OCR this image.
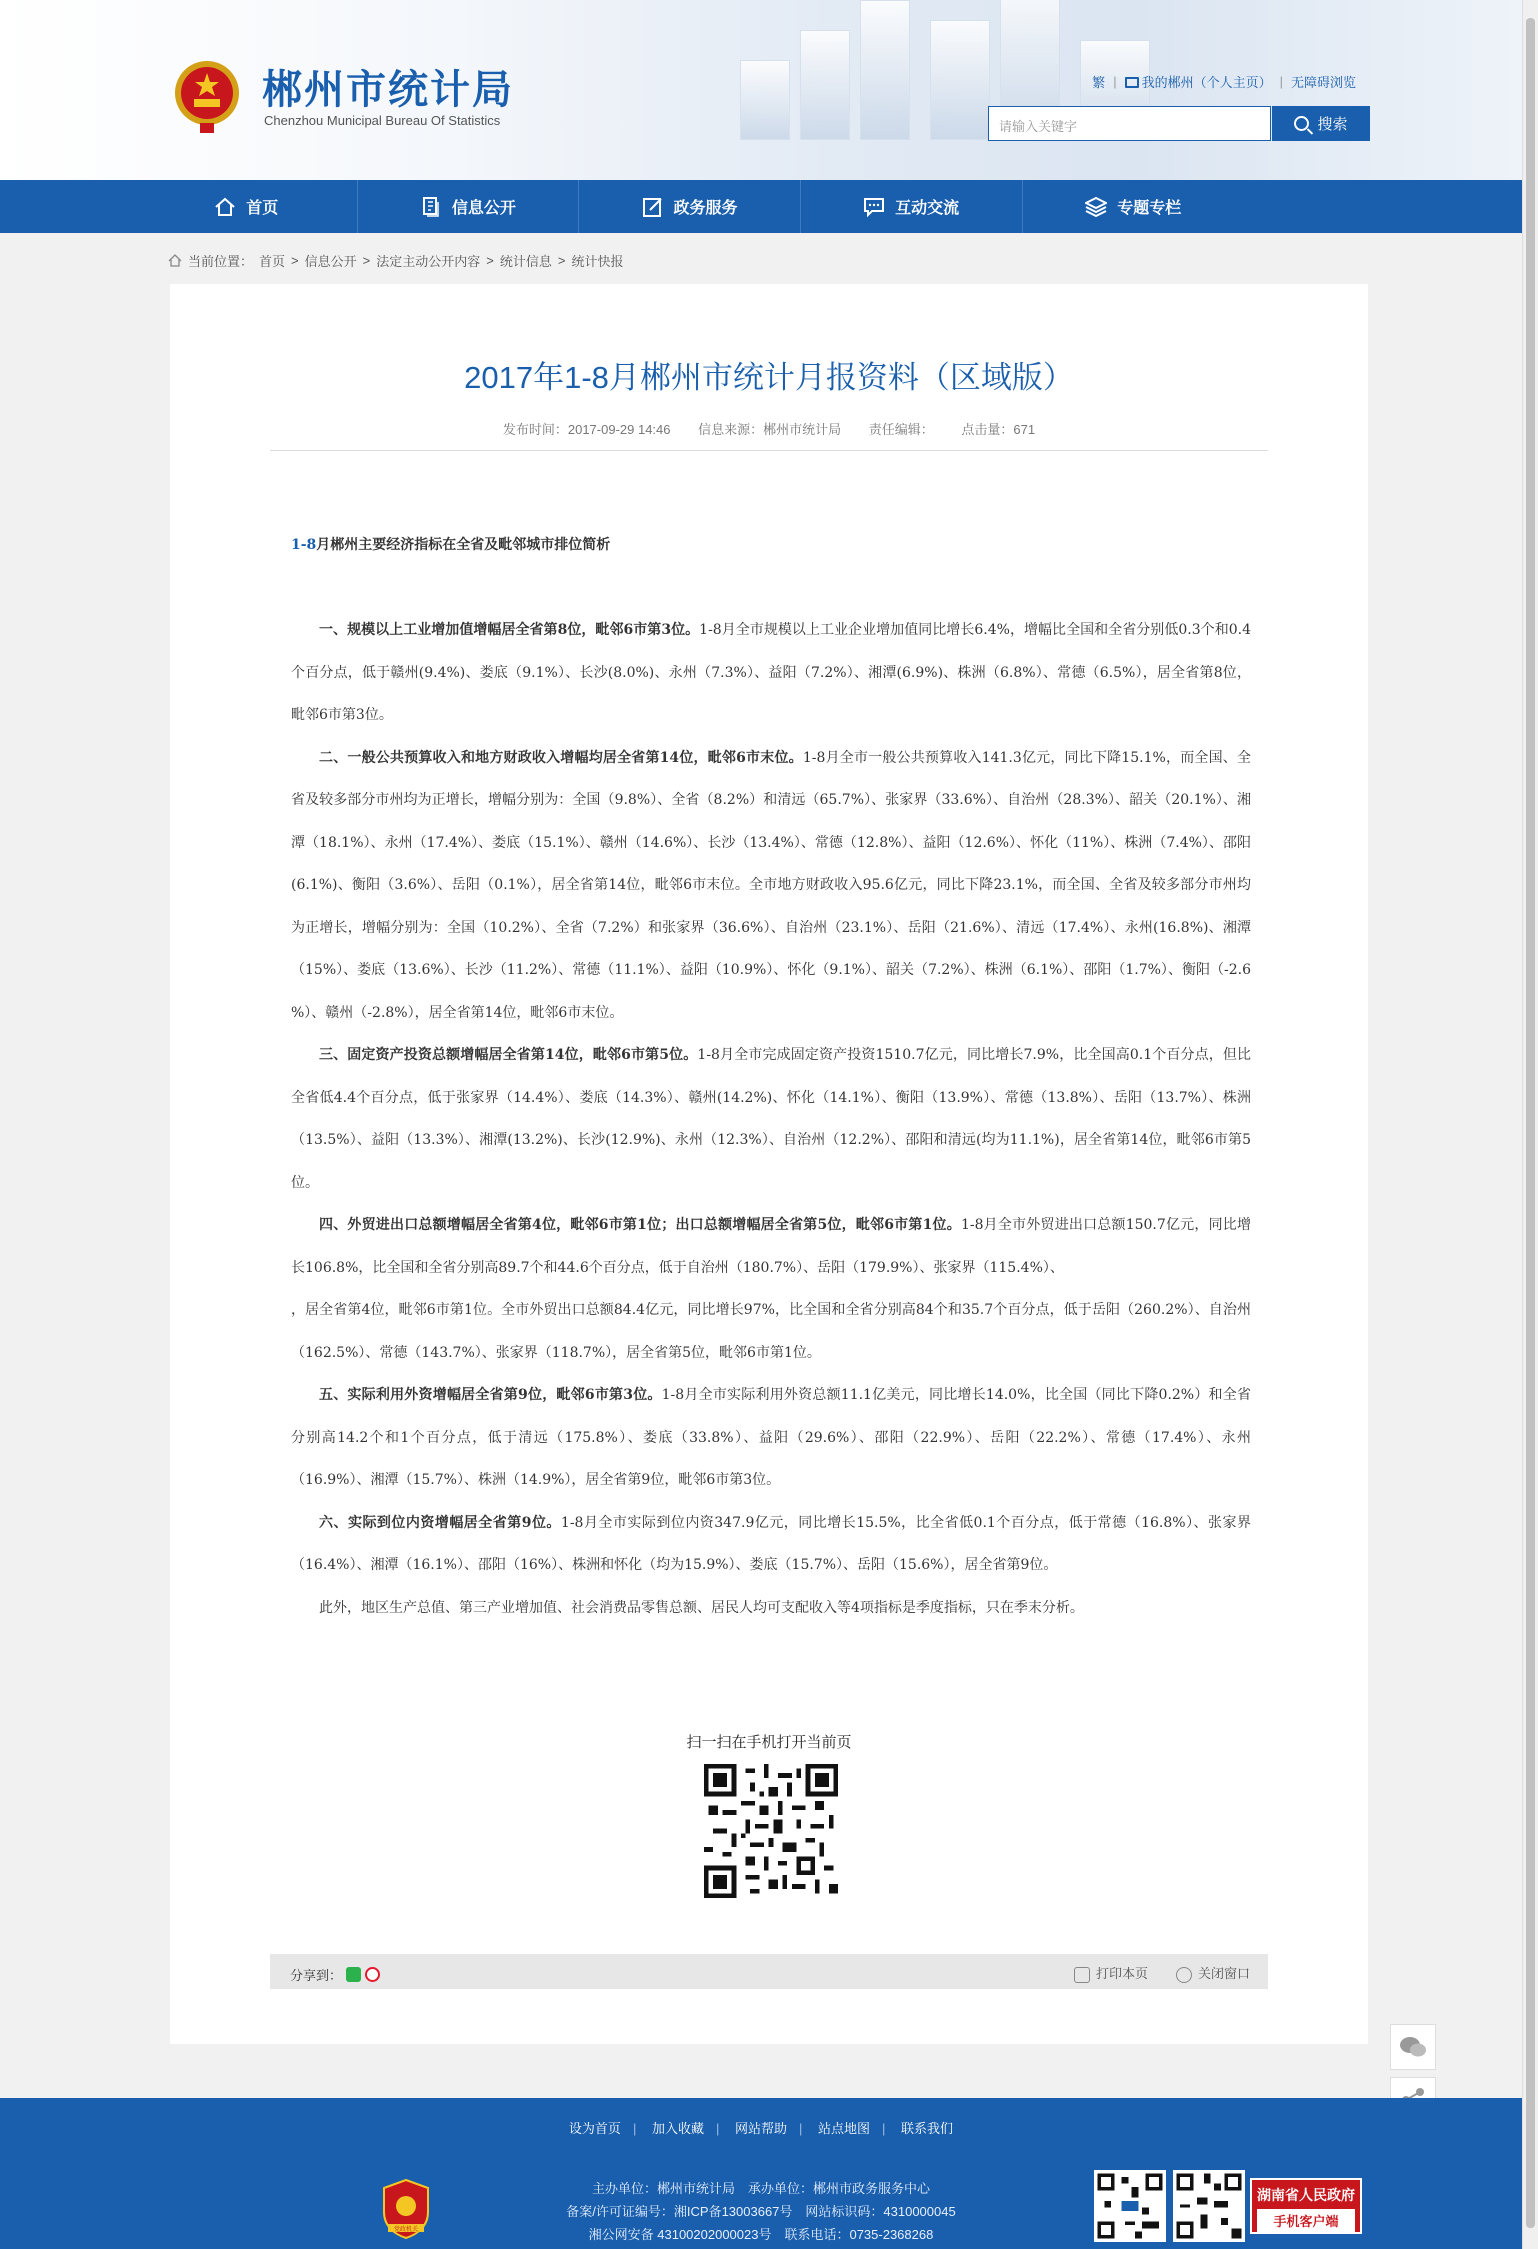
郴州市统计局
Chenzhou Municipal Bureau Of Statistics
繁 |	我的郴州（个人主页） | 无障碍浏览
请输入关键字	搜索
首页	信息公开	政务服务	互动交流	专题专栏
当前位置： 首页 > 信息公开 > 法定主动公开内容 > 统计信息 > 统计快报
2017年1-8月郴州市统计月报资料（区域版）
发布时间：2017-09-29 14:46 信息来源：郴州市统计局 责任编辑： 点击量：671

1-8月郴州主要经济指标在全省及毗邻城市排位简析

一、规模以上工业增加值增幅居全省第8位，毗邻6市第3位。1-8月全市规模以上工业企业增加值同比增长6.4%，增幅比全国和全省分别低0.3个和0.4个百分点，低于赣州(9.4%)、娄底（9.1%）、长沙(8.0%)、永州（7.3%）、益阳（7.2%）、湘潭(6.9%)、株洲（6.8%）、常德（6.5%），居全省第8位，毗邻6市第3位。

二、一般公共预算收入和地方财政收入增幅均居全省第14位，毗邻6市末位。1-8月全市一般公共预算收入141.3亿元，同比下降15.1%，而全国、全省及较多部分市州均为正增长，增幅分别为：全国（9.8%）、全省（8.2%）和清远（65.7%）、张家界（33.6%）、自治州（28.3%）、韶关（20.1%）、湘潭（18.1%）、永州（17.4%）、娄底（15.1%）、赣州（14.6%）、长沙（13.4%）、常德（12.8%）、益阳（12.6%）、怀化（11%）、株洲（7.4%）、邵阳(6.1%)、衡阳（3.6%）、岳阳（0.1%），居全省第14位，毗邻6市末位。全市地方财政收入95.6亿元，同比下降23.1%，而全国、全省及较多部分市州均为正增长，增幅分别为：全国（10.2%）、全省（7.2%）和张家界（36.6%）、自治州（23.1%）、岳阳（21.6%）、清远（17.4%）、永州(16.8%)、湘潭（15%）、娄底（13.6%）、长沙（11.2%）、常德（11.1%）、益阳（10.9%）、怀化（9.1%）、韶关（7.2%）、株洲（6.1%）、邵阳（1.7%）、衡阳（-2.6 %）、赣州（-2.8%），居全省第14位，毗邻6市末位。

三、固定资产投资总额增幅居全省第14位，毗邻6市第5位。1-8月全市完成固定资产投资1510.7亿元，同比增长7.9%，比全国高0.1个百分点，但比全省低4.4个百分点，低于张家界（14.4%）、娄底（14.3%）、赣州(14.2%)、怀化（14.1%）、衡阳（13.9%）、常德（13.8%）、岳阳（13.7%）、株洲（13.5%）、益阳（13.3%）、湘潭(13.2%)、长沙(12.9%)、永州（12.3%）、自治州（12.2%）、邵阳和清远(均为11.1%)，居全省第14位，毗邻6市第5位。

四、外贸进出口总额增幅居全省第4位，毗邻6市第1位；出口总额增幅居全省第5位，毗邻6市第1位。1-8月全市外贸进出口总额150.7亿元，同比增长106.8%，比全国和全省分别高89.7个和44.6个百分点，低于自治州（180.7%）、岳阳（179.9%）、张家界（115.4%）、

，居全省第4位，毗邻6市第1位。全市外贸出口总额84.4亿元，同比增长97%，比全国和全省分别高84个和35.7个百分点，低于岳阳（260.2%）、自治州（162.5%）、常德（143.7%）、张家界（118.7%），居全省第5位，毗邻6市第1位。

五、实际利用外资增幅居全省第9位，毗邻6市第3位。1-8月全市实际利用外资总额11.1亿美元，同比增长14.0%，比全国（同比下降0.2%）和全省分别高14.2个和1个百分点，低于清远（175.8%）、娄底（33.8%）、益阳（29.6%）、邵阳（22.9%）、岳阳（22.2%）、常德（17.4%）、永州（16.9%）、湘潭（15.7%）、株洲（14.9%），居全省第9位，毗邻6市第3位。

六、实际到位内资增幅居全省第9位。1-8月全市实际到位内资347.9亿元，同比增长15.5%，比全省低0.1个百分点，低于常德（16.8%）、张家界（16.4%）、湘潭（16.1%）、邵阳（16%）、株洲和怀化（均为15.9%）、娄底（15.7%）、岳阳（15.6%），居全省第9位。

此外，地区生产总值、第三产业增加值、社会消费品零售总额、居民人均可支配收入等4项指标是季度指标，只在季末分析。

扫一扫在手机打开当前页
分享到：	打印本页	关闭窗口
设为首页 | 加入收藏 | 网站帮助 | 站点地图 | 联系我们
党政机关
主办单位：郴州市统计局　承办单位：郴州市政务服务中心
备案/许可证编号：湘ICP备13003667号　网站标识码：4310000045
湘公网安备 43100202000023号　联系电话：0735-2368268
湖南省人民政府
手机客户端
